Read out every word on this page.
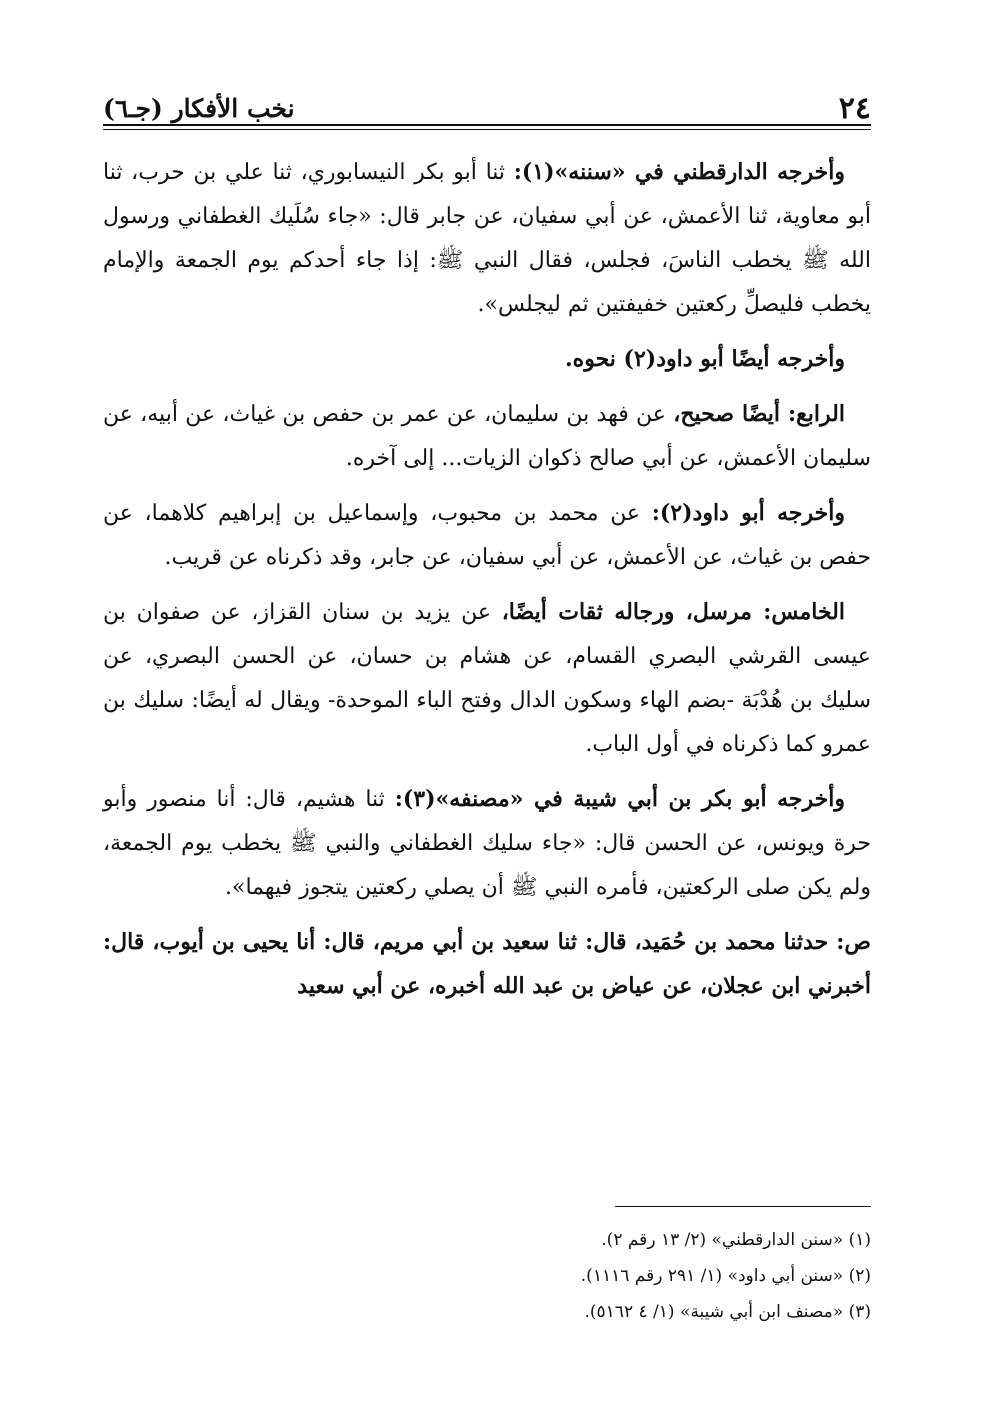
٢٤
نخب الأفكار (جـ٦)

وأخرجه الدارقطني في «سننه»(١): ثنا أبو بكر النيسابوري، ثنا علي بن حرب، ثنا أبو معاوية، ثنا الأعمش، عن أبي سفيان، عن جابر قال: «جاء سُلَيك الغطفاني ورسول الله ﷺ يخطب الناسَ، فجلس، فقال النبي ﷺ: إذا جاء أحدكم يوم الجمعة والإمام يخطب فليصلِّ ركعتين خفيفتين ثم ليجلس».

وأخرجه أيضًا أبو داود(٢) نحوه.

الرابع: أيضًا صحيح، عن فهد بن سليمان، عن عمر بن حفص بن غياث، عن أبيه، عن سليمان الأعمش، عن أبي صالح ذكوان الزيات... إلى آخره.

وأخرجه أبو داود(٢): عن محمد بن محبوب، وإسماعيل بن إبراهيم كلاهما، عن حفص بن غياث، عن الأعمش، عن أبي سفيان، عن جابر، وقد ذكرناه عن قريب.

الخامس: مرسل، ورجاله ثقات أيضًا، عن يزيد بن سنان القزاز، عن صفوان بن عيسى القرشي البصري القسام، عن هشام بن حسان، عن الحسن البصري، عن سليك بن هُدْبَة -بضم الهاء وسكون الدال وفتح الباء الموحدة- ويقال له أيضًا: سليك بن عمرو كما ذكرناه في أول الباب.

وأخرجه أبو بكر بن أبي شيبة في «مصنفه»(٣): ثنا هشيم، قال: أنا منصور وأبو حرة ويونس، عن الحسن قال: «جاء سليك الغطفاني والنبي ﷺ يخطب يوم الجمعة، ولم يكن صلى الركعتين، فأمره النبي ﷺ أن يصلي ركعتين يتجوز فيهما».

ص: حدثنا محمد بن حُمَيد، قال: ثنا سعيد بن أبي مريم، قال: أنا يحيى بن أيوب، قال: أخبرني ابن عجلان، عن عياض بن عبد الله أخبره، عن أبي سعيد

(١) «سنن الدارقطني» (٢/ ١٣ رقم ٢).

(٢) «سنن أبي داود» (١/ ٢٩١ رقم ١١١٦).

(٣) «مصنف ابن أبي شيبة» (١/ ٤ ٥١٦٢).
